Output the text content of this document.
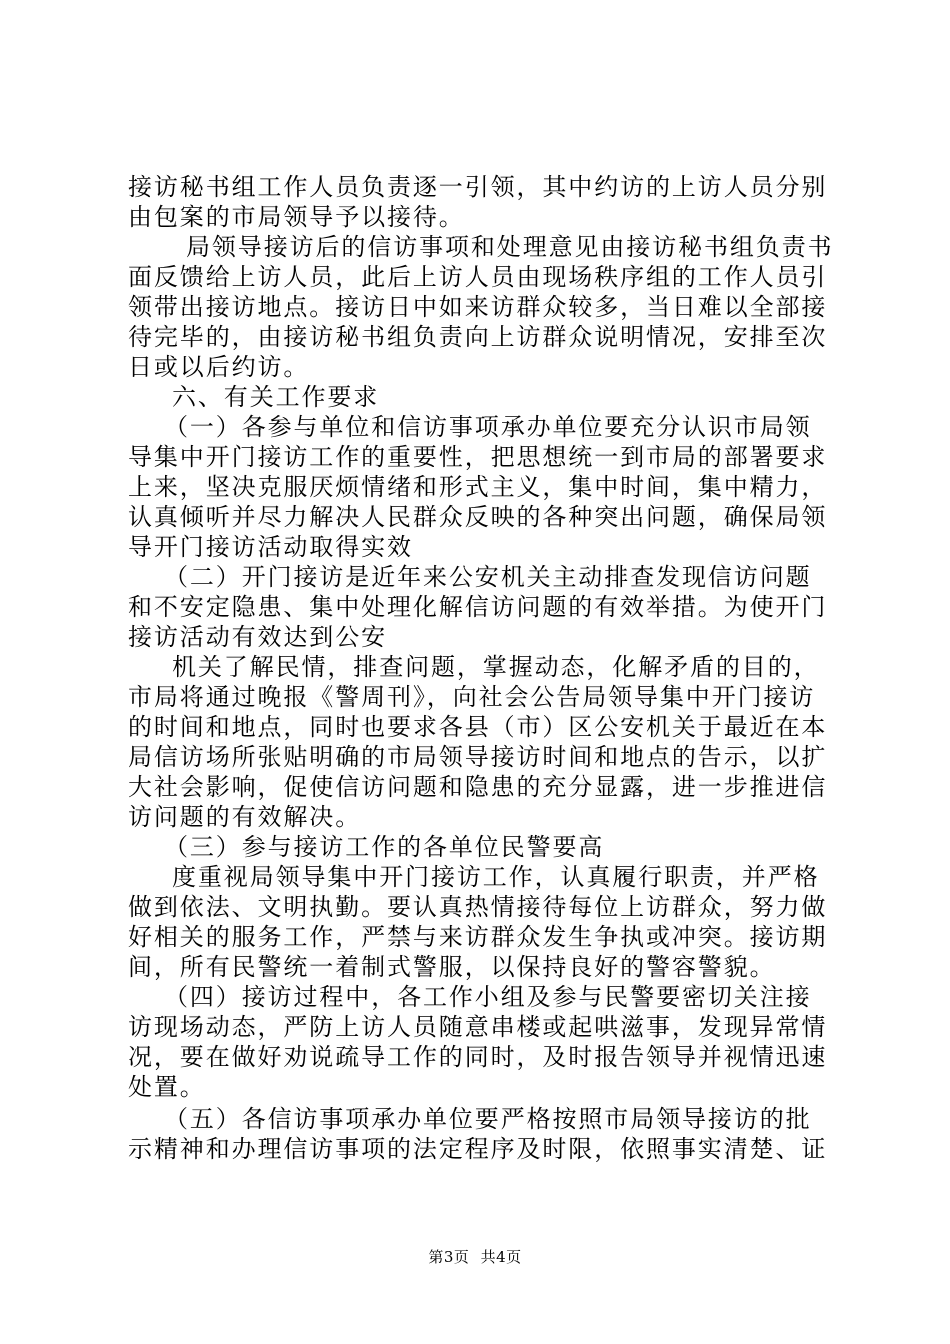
接访秘书组工作人员负责逐一引领，其中约访的上访人员分别
由包案的市局领导予以接待。
局领导接访后的信访事项和处理意见由接访秘书组负责书
面反馈给上访人员，此后上访人员由现场秩序组的工作人员引
领带出接访地点。接访日中如来访群众较多，当日难以全部接
待完毕的，由接访秘书组负责向上访群众说明情况，安排至次
日或以后约访。
六、有关工作要求
（一）各参与单位和信访事项承办单位要充分认识市局领
导集中开门接访工作的重要性，把思想统一到市局的部署要求
上来，坚决克服厌烦情绪和形式主义，集中时间，集中精力，
认真倾听并尽力解决人民群众反映的各种突出问题，确保局领
导开门接访活动取得实效
（二）开门接访是近年来公安机关主动排查发现信访问题
和不安定隐患、集中处理化解信访问题的有效举措。为使开门
接访活动有效达到公安
机关了解民情，排查问题，掌握动态，化解矛盾的目的，
市局将通过晚报《警周刊》，向社会公告局领导集中开门接访
的时间和地点，同时也要求各县（市）区公安机关于最近在本
局信访场所张贴明确的市局领导接访时间和地点的告示，以扩
大社会影响，促使信访问题和隐患的充分显露，进一步推进信
访问题的有效解决。
（三）参与接访工作的各单位民警要高
度重视局领导集中开门接访工作，认真履行职责，并严格
做到依法、文明执勤。要认真热情接待每位上访群众，努力做
好相关的服务工作，严禁与来访群众发生争执或冲突。接访期
间，所有民警统一着制式警服，以保持良好的警容警貌。
（四）接访过程中，各工作小组及参与民警要密切关注接
访现场动态，严防上访人员随意串楼或起哄滋事，发现异常情
况，要在做好劝说疏导工作的同时，及时报告领导并视情迅速
处置。
（五）各信访事项承办单位要严格按照市局领导接访的批
示精神和办理信访事项的法定程序及时限，依照事实清楚、证
第3页 共4页
